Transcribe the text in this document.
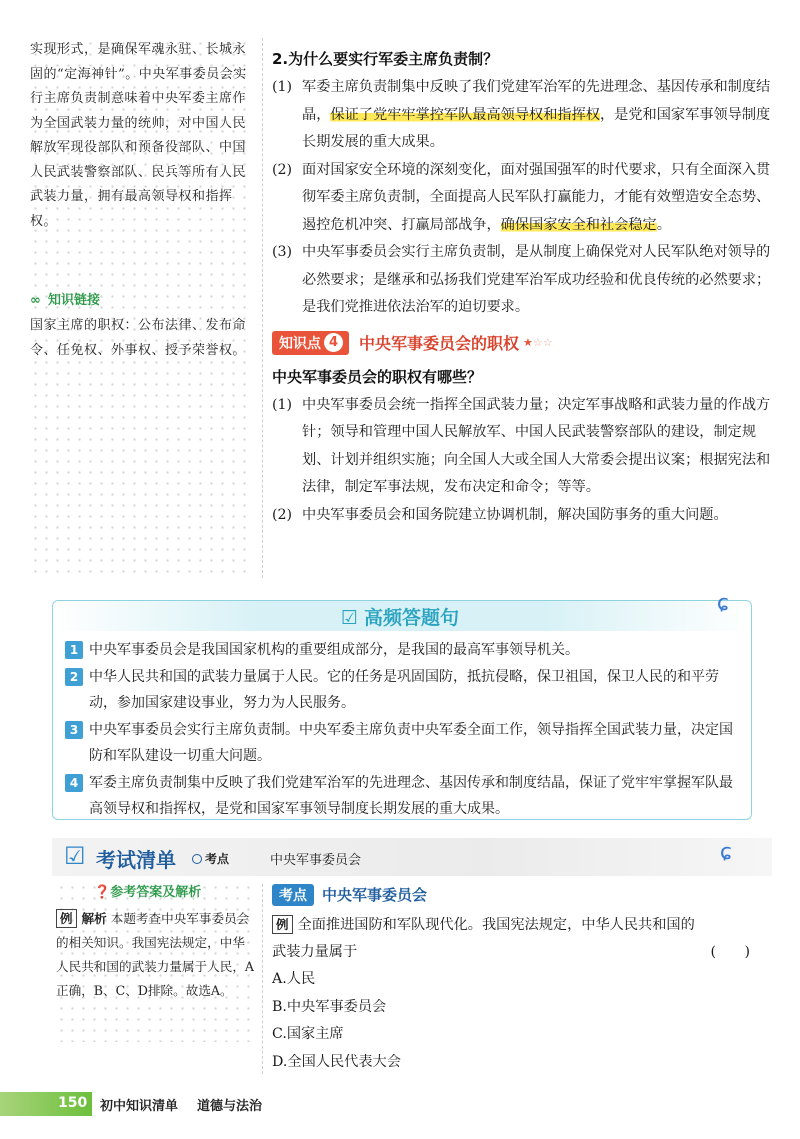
实现形式，是确保军魂永驻、长城永固的“定海神针”。中央军事委员会实行主席负责制意味着中央军委主席作为全国武装力量的统帅，对中国人民解放军现役部队和预备役部队、中国人民武装警察部队、民兵等所有人民武装力量，拥有最高领导权和指挥权。

∞ 知识链接

国家主席的职权：公布法律、发布命令、任免权、外事权、授予荣誉权。

2.为什么要实行军委主席负责制？
(1) 军委主席负责制集中反映了我们党建军治军的先进理念、基因传承和制度结晶，保证了党牢牢掌控军队最高领导权和指挥权，是党和国家军事领导制度长期发展的重大成果。
(2) 面对国家安全环境的深刻变化，面对强国强军的时代要求，只有全面深入贯彻军委主席负责制，全面提高人民军队打赢能力，才能有效塑造安全态势、遏控危机冲突、打赢局部战争，确保国家安全和社会稳定。
(3) 中央军事委员会实行主席负责制，是从制度上确保党对人民军队绝对领导的必然要求；是继承和弘扬我们党建军治军成功经验和优良传统的必然要求；是我们党推进依法治军的迫切要求。
知识点 4	中央军事委员会的职权 ★☆☆
中央军事委员会的职权有哪些？
(1) 中央军事委员会统一指挥全国武装力量；决定军事战略和武装力量的作战方针；领导和管理中国人民解放军、中国人民武装警察部队的建设，制定规划、计划并组织实施；向全国人大或全国人大常委会提出议案；根据宪法和法律，制定军事法规，发布决定和命令；等等。
(2) 中央军事委员会和国务院建立协调机制，解决国防事务的重大问题。
☑ 高频答题句
ɕ
1 中央军事委员会是我国国家机构的重要组成部分，是我国的最高军事领导机关。
2 中华人民共和国的武装力量属于人民。它的任务是巩固国防，抵抗侵略，保卫祖国，保卫人民的和平劳动，参加国家建设事业，努力为人民服务。
3 中央军事委员会实行主席负责制。中央军委主席负责中央军委全面工作，领导指挥全国武装力量，决定国防和军队建设一切重大问题。
4 军委主席负责制集中反映了我们党建军治军的先进理念、基因传承和制度结晶，保证了党牢牢掌握军队最高领导权和指挥权，是党和国家军事领导制度长期发展的重大成果。
☑ 考试清单	考点	中央军事委员会	ɕ
❓参考答案及解析

例 解析 本题考查中央军事委员会的相关知识。我国宪法规定，中华人民共和国的武装力量属于人民，A正确，B、C、D排除。故选A。

考点 中央军事委员会
例 全面推进国防和军队现代化。我国宪法规定，中华人民共和国的
武装力量属于	(　　)
A.人民
B.中央军事委员会
C.国家主席
D.全国人民代表大会
150 初中知识清单 道德与法治
